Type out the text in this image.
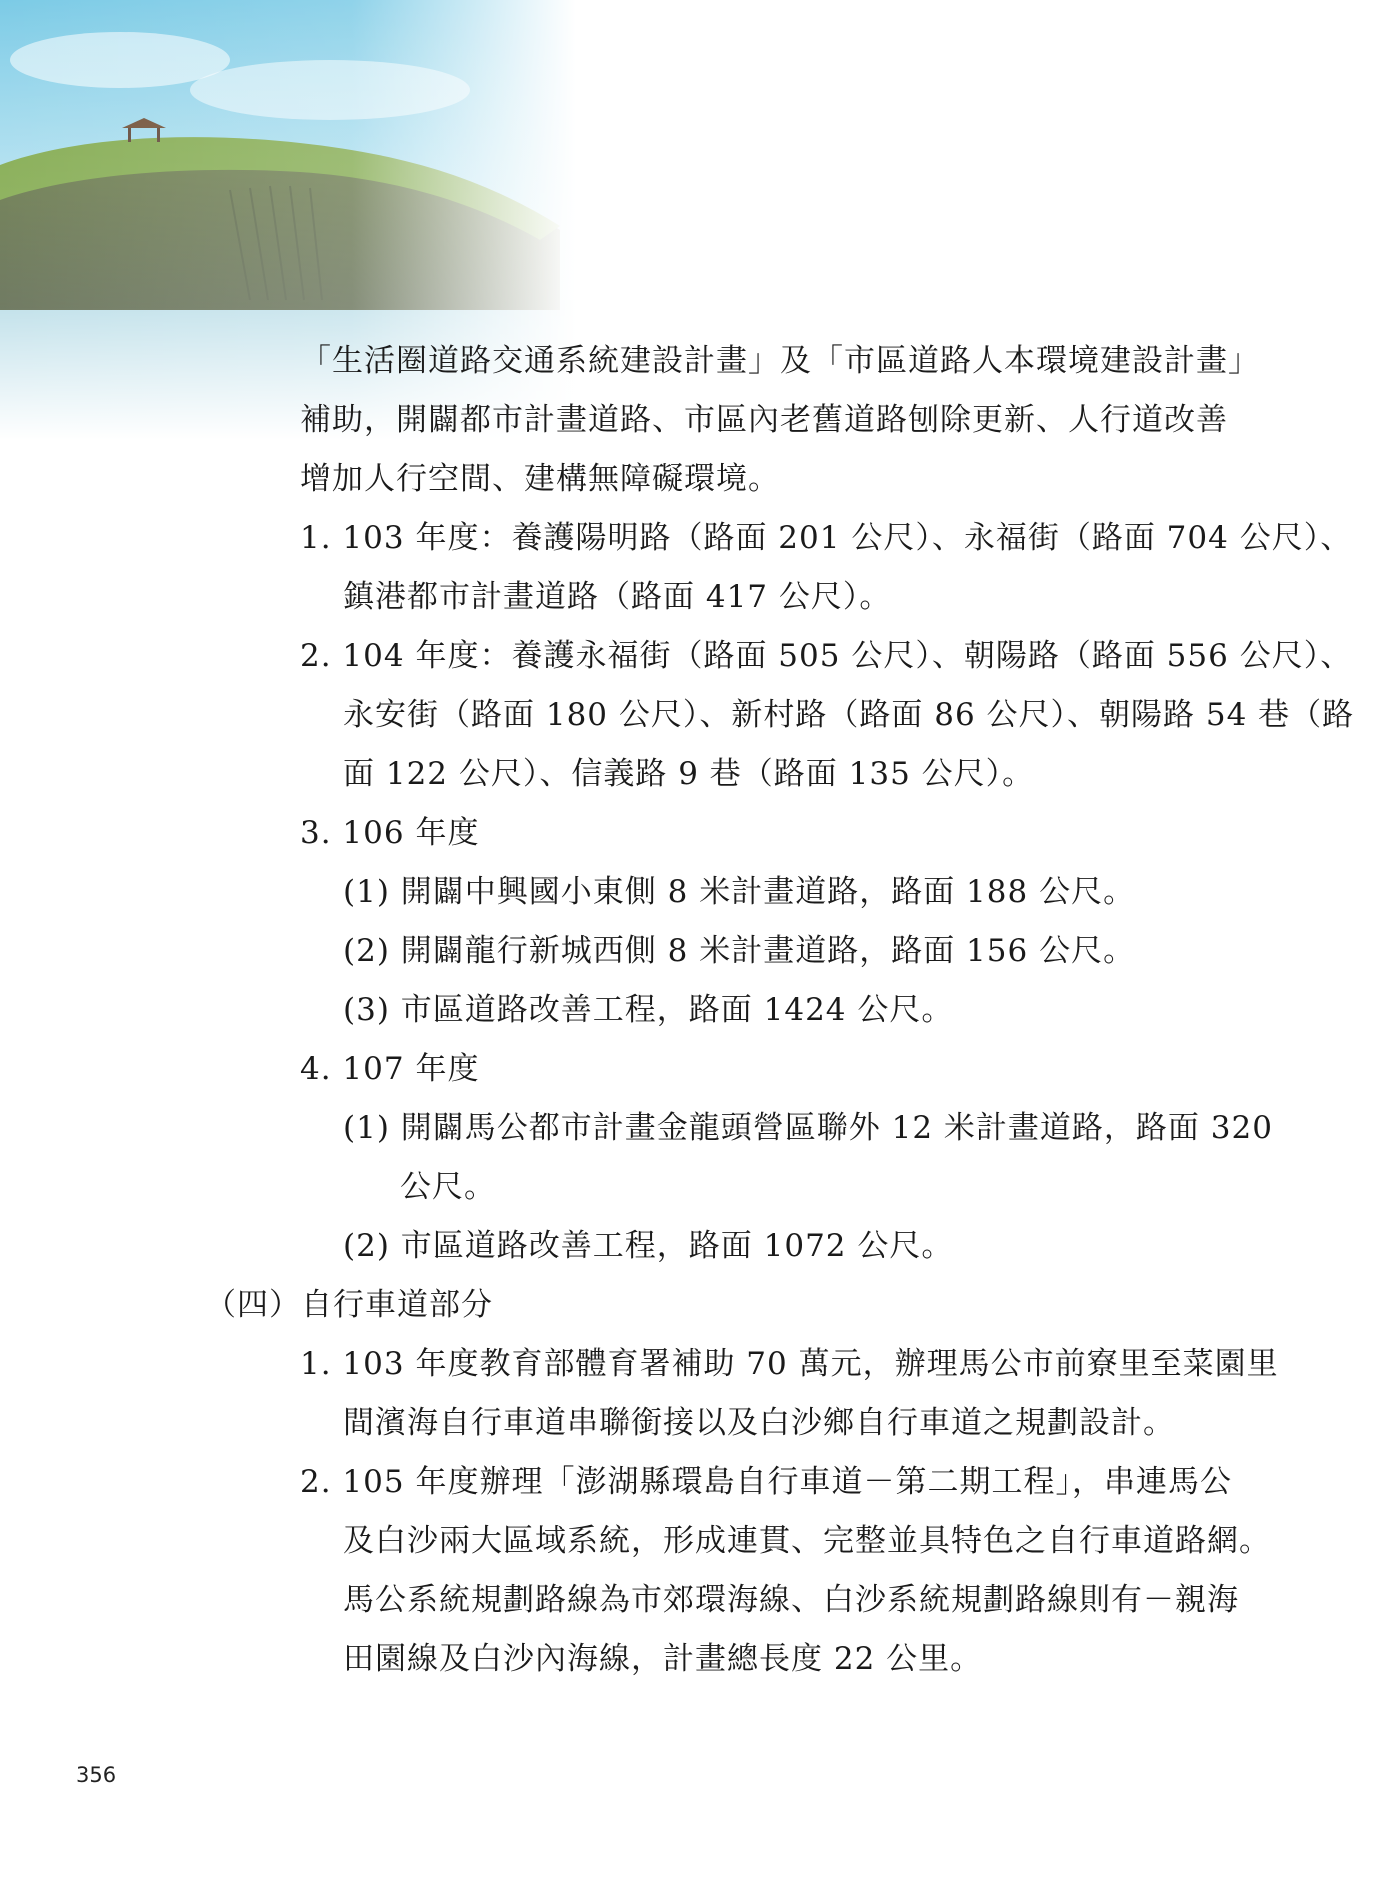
「生活圈道路交通系統建設計畫」及「市區道路人本環境建設計畫」

補助，開闢都市計畫道路、市區內老舊道路刨除更新、人行道改善

增加人行空間、建構無障礙環境。

1. 103 年度：養護陽明路（路面 201 公尺）、永福街（路面 704 公尺）、

鎮港都市計畫道路（路面 417 公尺）。

2. 104 年度：養護永福街（路面 505 公尺）、朝陽路（路面 556 公尺）、

永安街（路面 180 公尺）、新村路（路面 86 公尺）、朝陽路 54 巷（路

面 122 公尺）、信義路 9 巷（路面 135 公尺）。

3. 106 年度

(1) 開闢中興國小東側 8 米計畫道路，路面 188 公尺。

(2) 開闢龍行新城西側 8 米計畫道路，路面 156 公尺。

(3) 市區道路改善工程，路面 1424 公尺。

4. 107 年度

(1) 開闢馬公都市計畫金龍頭營區聯外 12 米計畫道路，路面 320

公尺。

(2) 市區道路改善工程，路面 1072 公尺。

（四）自行車道部分

1. 103 年度教育部體育署補助 70 萬元，辦理馬公市前寮里至菜園里

間濱海自行車道串聯銜接以及白沙鄉自行車道之規劃設計。

2. 105 年度辦理「澎湖縣環島自行車道－第二期工程」，串連馬公

及白沙兩大區域系統，形成連貫、完整並具特色之自行車道路網。

馬公系統規劃路線為市郊環海線、白沙系統規劃路線則有－親海

田園線及白沙內海線，計畫總長度 22 公里。

356
